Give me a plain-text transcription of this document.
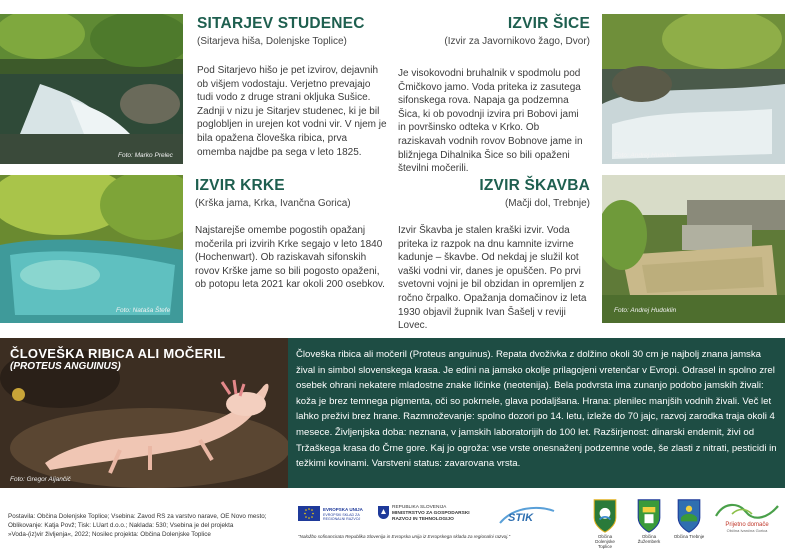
Foto: Marko Prelec	Foto: Andrej Hudoklin
Foto: Nataša Štefe	Foto: Andrej Hudoklin
SITARJEV STUDENEC
(Sitarjeva hiša, Dolenjske Toplice)
Pod Sitarjevo hišo je pet izvirov, dejavnih ob višjem vodostaju. Verjetno prevajajo tudi vodo z druge strani okljuka Sušice. Zadnji v nizu je Sitarjev studenec, ki je bil poglobljen in urejen kot vodni vir. V njem je bila opažena človeška ribica, prva omemba najdbe pa sega v leto 1825.
IZVIR ŠICE
(Izvir za Javornikovo žago, Dvor)
Je visokovodni bruhalnik v spodmolu pod Čmičkovo jamo. Voda priteka iz zasutega sifonskega rova. Napaja ga podzemna Šica, ki ob povodnji izvira pri Bobovi jami in površinsko odteka v Krko. Ob raziskavah vodnih rovov Bobnove jame in bližnjega Dihalnika Šice so bili opaženi številni močerili.
IZVIR KRKE
(Krška jama, Krka, Ivančna Gorica)
Najstarejše omembe pogostih opažanj močerila pri izvirih Krke segajo v leto 1840 (Hochenwart). Ob raziskavah sifonskih rovov Krške jame so bili pogosto opaženi, ob potopu leta 2021 kar okoli 200 osebkov.
IZVIR ŠKAVBA
(Mačji dol, Trebnje)
Izvir Škavba je stalen kraški izvir. Voda priteka iz razpok na dnu kamnite izvirne kadunje – škavbe. Od nekdaj je služil kot vaški vodni vir, danes je opuščen. Po prvi svetovni vojni je bil obzidan in opremljen z ročno črpalko. Opažanja domačinov iz leta 1930 objavil župnik Ivan Šašelj v reviji Lovec.
ČLOVEŠKA RIBICA ALI MOČERIL
(PROTEUS ANGUINUS)
Foto: Gregor Aljančič
Človeška ribica ali močeril (Proteus anguinus). Repata dvoživka z dolžino okoli 30 cm je najbolj znana jamska žival in simbol slovenskega krasa. Je edini na jamsko okolje prilagojeni vretenčar v Evropi. Odrasel in spolno zrel osebek ohrani nekatere mladostne znake ličinke (neotenija). Bela podvrsta ima zunanjo podobo jamskih živali: koža je brez temnega pigmenta, oči so pokrnele, glava podaljšana. Hrana: plenilec manjših vodnih živali. Več let lahko preživi brez hrane. Razmnoževanje: spolno dozori po 14. letu, izleže do 70 jajc, razvoj zarodka traja okoli 4 mesece. Življenjska doba: neznana, v jamskih laboratorijih do 100 let. Razširjenost: dinarski endemit, živi od Tržaškega krasa do Črne gore. Kaj jo ogroža: vse vrste onesnaženj podzemne vode, še zlasti z nitrati, pesticidi in težkimi kovinami. Varstveni status: zavarovana vrsta.
Postavila: Občina Dolenjske Toplice; Vsebina: Zavod RS za varstvo narave, OE Novo mesto;
Oblikovanje: Katja Povž; Tisk: LUart d.o.o.; Naklada: 530; Vsebina je del projekta
»Voda-(iz)vir življenja«, 2022; Nosilec projekta: Občina Dolenjske Toplice
EVROPSKA UNIJA
EVROPSKI SKLAD ZA REGIONALNI RAZVOJ
REPUBLIKA SLOVENIJA
MINISTRSTVO ZA GOSPODARSKI
RAZVOJ IN TEHNOLOGIJO	STIK
"Naložbo sofinancirata Republika Slovenija in Evropska unija iz Evropskega sklada za regionalni razvoj."	Občina Dolenjske Toplice
Občina Žužemberk
Občina Trebnje
Prijetno domače
Občina Ivančna Gorica
